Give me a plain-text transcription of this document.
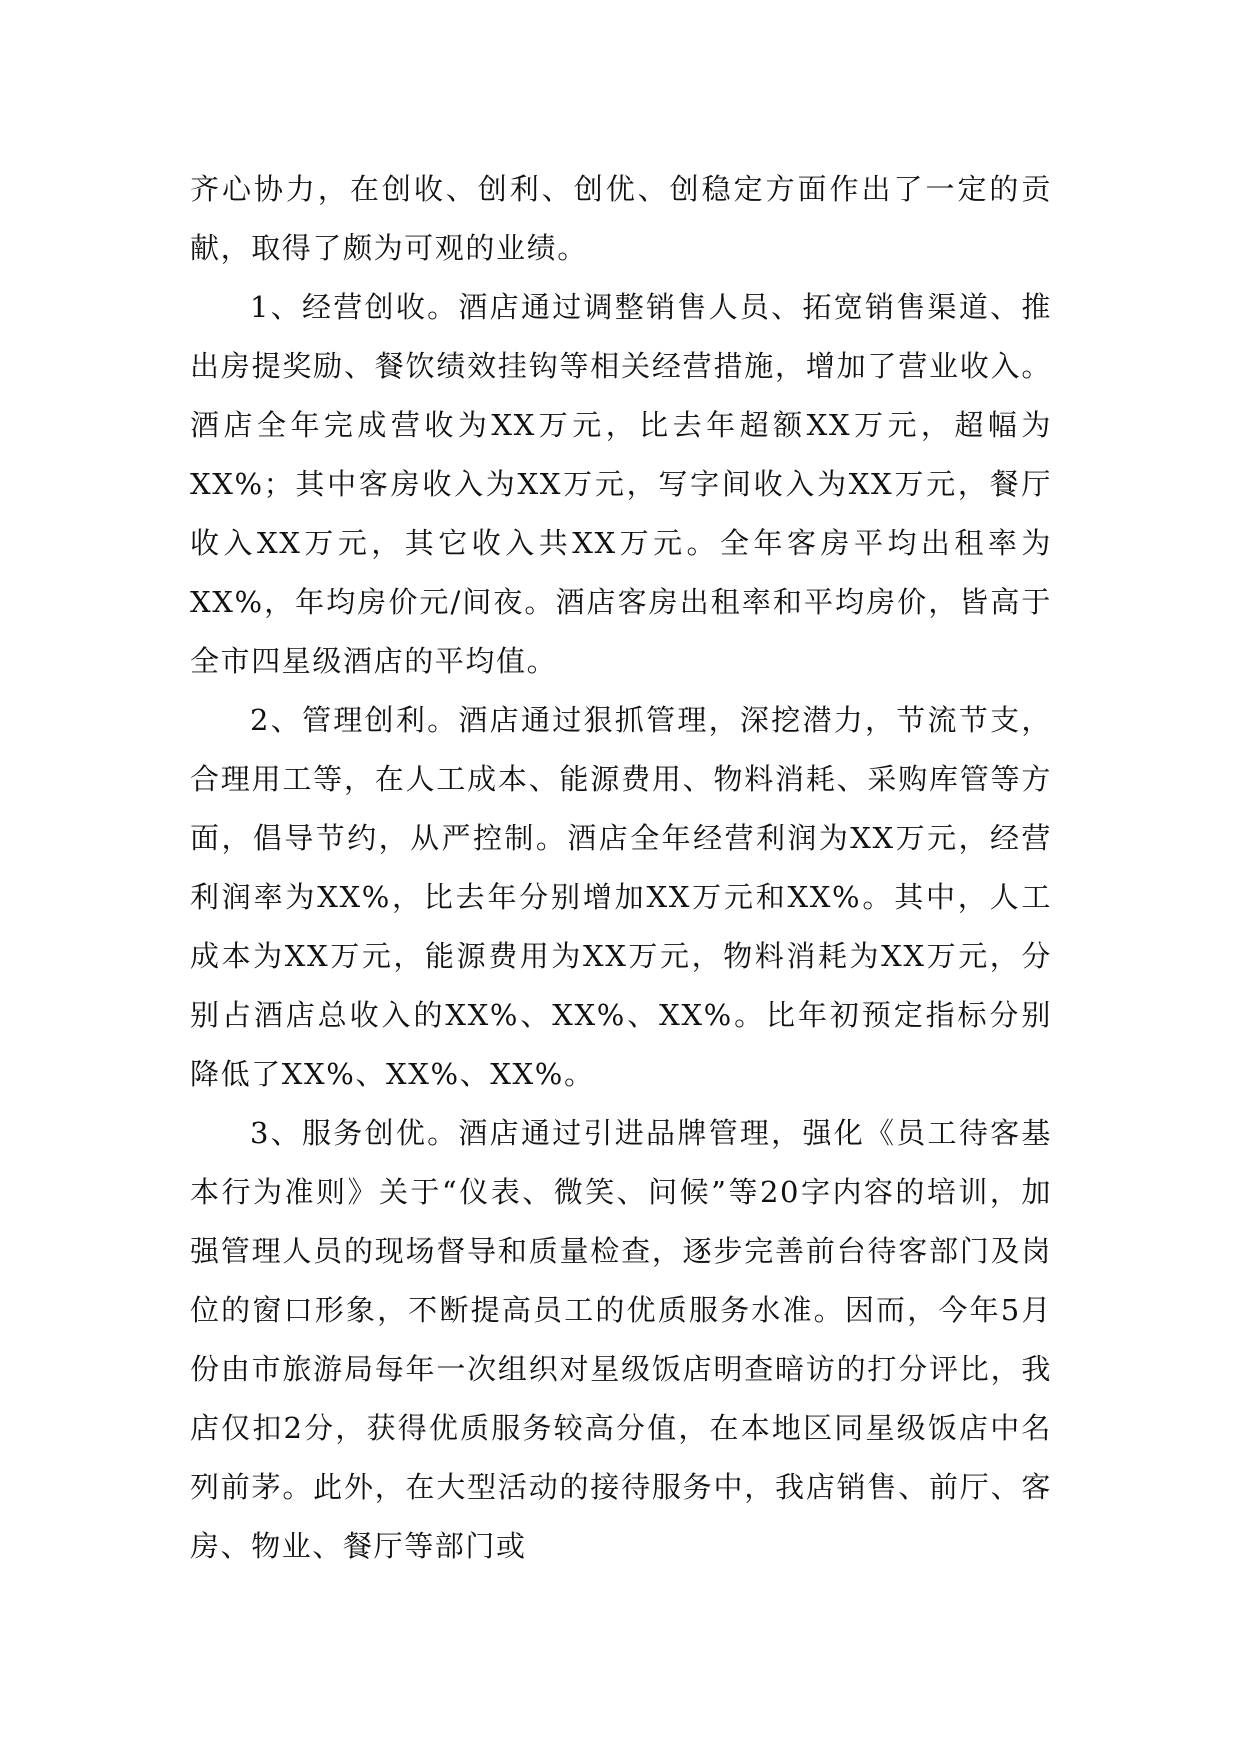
齐心协力，在创收、创利、创优、创稳定方面作出了一定的贡献，取得了颇为可观的业绩。

1、经营创收。酒店通过调整销售人员、拓宽销售渠道、推出房提奖励、餐饮绩效挂钩等相关经营措施，增加了营业收入。酒店全年完成营收为XX万元，比去年超额XX万元，超幅为XX%；其中客房收入为XX万元，写字间收入为XX万元，餐厅收入XX万元，其它收入共XX万元。全年客房平均出租率为XX%，年均房价元/间夜。酒店客房出租率和平均房价，皆高于全市四星级酒店的平均值。

2、管理创利。酒店通过狠抓管理，深挖潜力，节流节支，合理用工等，在人工成本、能源费用、物料消耗、采购库管等方面，倡导节约，从严控制。酒店全年经营利润为XX万元，经营利润率为XX%，比去年分别增加XX万元和XX%。其中，人工成本为XX万元，能源费用为XX万元，物料消耗为XX万元，分别占酒店总收入的XX%、XX%、XX%。比年初预定指标分别降低了XX%、XX%、XX%。

3、服务创优。酒店通过引进品牌管理，强化《员工待客基本行为准则》关于“仪表、微笑、问候”等20字内容的培训，加强管理人员的现场督导和质量检查，逐步完善前台待客部门及岗位的窗口形象，不断提高员工的优质服务水准。因而，今年5月份由市旅游局每年一次组织对星级饭店明查暗访的打分评比，我店仅扣2分，获得优质服务较高分值，在本地区同星级饭店中名列前茅。此外，在大型活动的接待服务中，我店销售、前厅、客房、物业、餐厅等部门或
